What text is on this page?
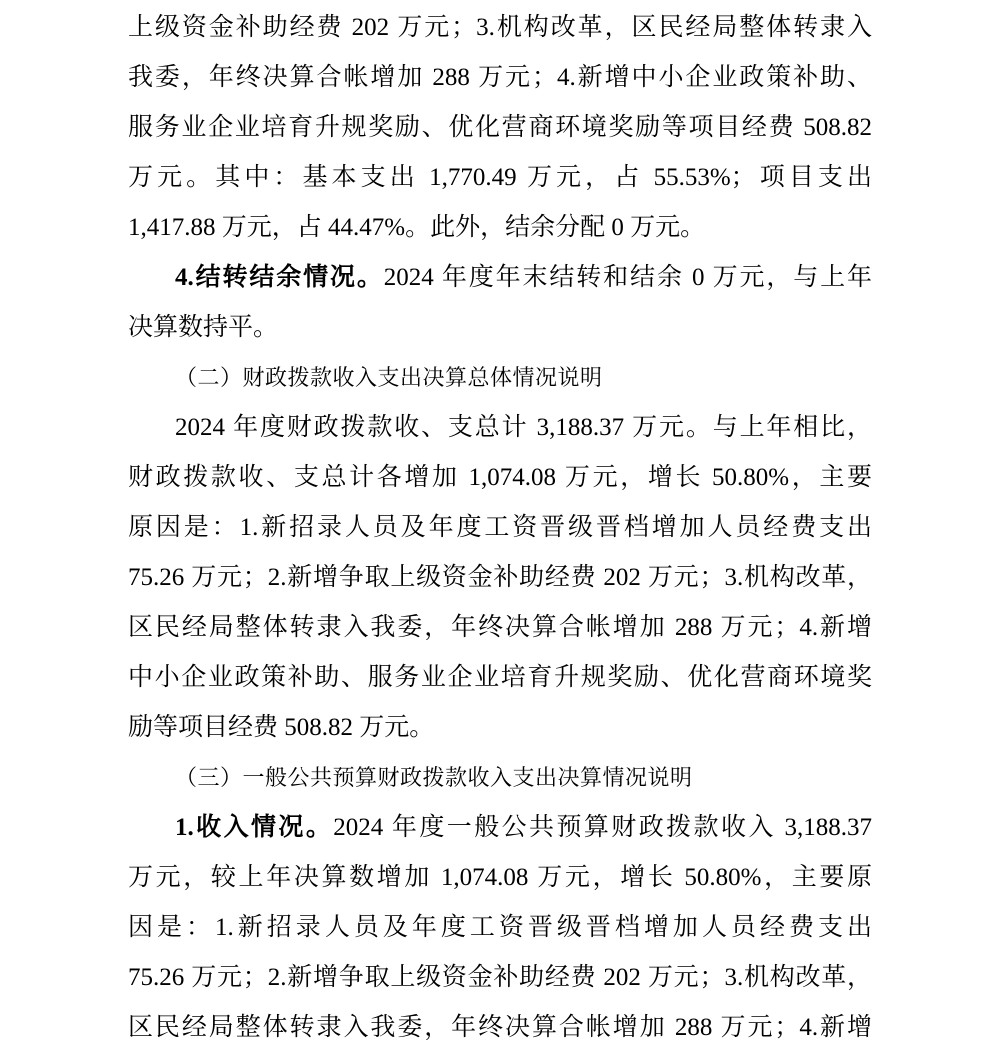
上级资金补助经费 202 万元；3.机构改革，区民经局整体转隶入
我委，年终决算合帐增加 288 万元；4.新增中小企业政策补助、
服务业企业培育升规奖励、优化营商环境奖励等项目经费 508.82
万元。其中：基本支出 1,770.49 万元，占 55.53%；项目支出
1,417.88 万元，占 44.47%。此外，结余分配 0 万元。
4.结转结余情况。2024 年度年末结转和结余 0 万元，与上年
决算数持平。
（二）财政拨款收入支出决算总体情况说明
2024 年度财政拨款收、支总计 3,188.37 万元。与上年相比，
财政拨款收、支总计各增加 1,074.08 万元，增长 50.80%，主要
原因是：1.新招录人员及年度工资晋级晋档增加人员经费支出
75.26 万元；2.新增争取上级资金补助经费 202 万元；3.机构改革，
区民经局整体转隶入我委，年终决算合帐增加 288 万元；4.新增
中小企业政策补助、服务业企业培育升规奖励、优化营商环境奖
励等项目经费 508.82 万元。
（三）一般公共预算财政拨款收入支出决算情况说明
1.收入情况。2024 年度一般公共预算财政拨款收入 3,188.37
万元，较上年决算数增加 1,074.08 万元，增长 50.80%，主要原
因是：1.新招录人员及年度工资晋级晋档增加人员经费支出
75.26 万元；2.新增争取上级资金补助经费 202 万元；3.机构改革，
区民经局整体转隶入我委，年终决算合帐增加 288 万元；4.新增
